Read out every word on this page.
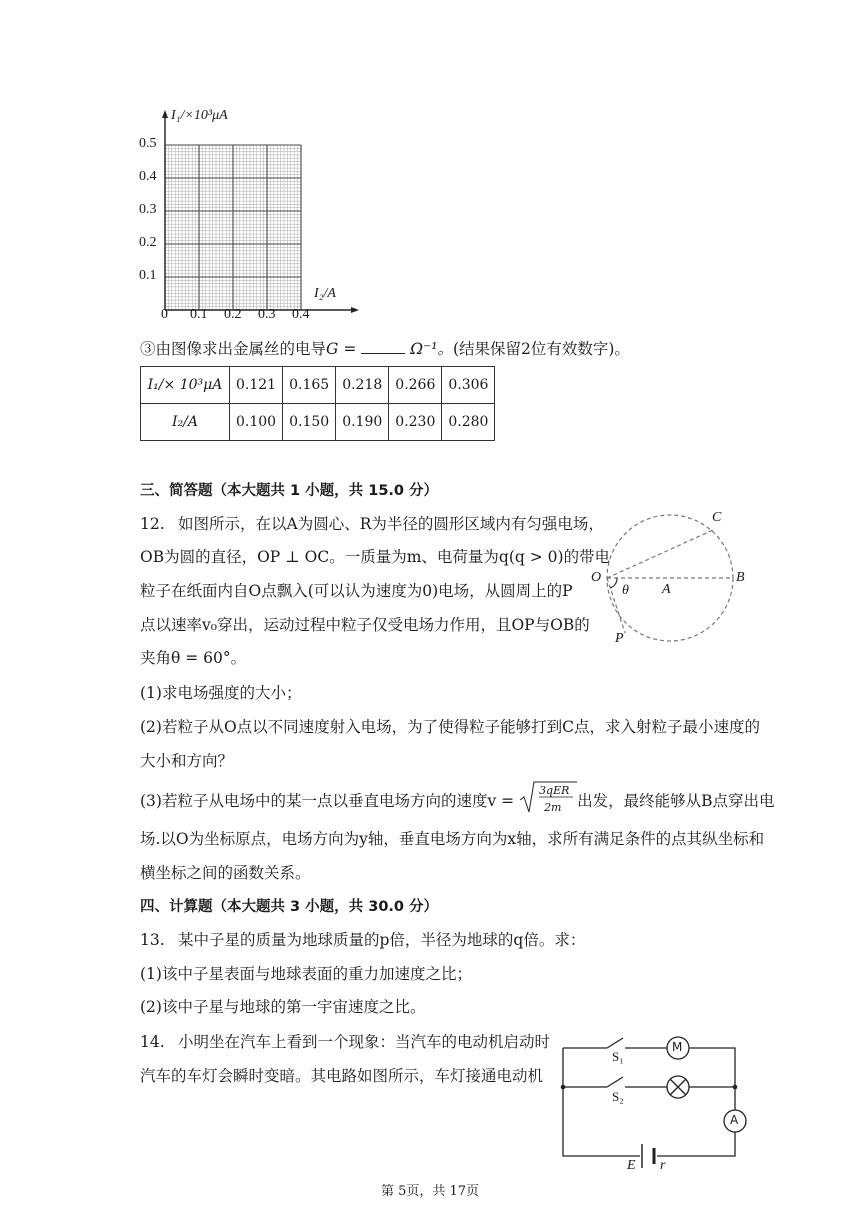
I₁/×10³μA
I₂/A
0.1
0.2
0.3
0.4
0.5
0 0.1 0.2 0.3 0.4
③由图像求出金属丝的电导G =	Ω⁻¹。(结果保留2位有效数字)。
I₁/× 10³μA	0.121	0.165	0.218	0.266	0.306
I₂/A	0.100	0.150	0.190	0.230	0.280
三、简答题（本大题共 1 小题，共 15.0 分）
12. 如图所示，在以A为圆心、R为半径的圆形区域内有匀强电场，
OB为圆的直径，OP ⊥ OC。一质量为m、电荷量为q(q > 0)的带电
粒子在纸面内自O点飘入(可以认为速度为0)电场，从圆周上的P
点以速率v₀穿出，运动过程中粒子仅受电场力作用，且OP与OB的
夹角θ = 60°。
(1)求电场强度的大小；
(2)若粒子从O点以不同速度射入电场，为了使得粒子能够打到C点，求入射粒子最小速度的
大小和方向？
(3)若粒子从电场中的某一点以垂直电场方向的速度v =
3qER
2m 出发，最终能够从B点穿出电
场.以O为坐标原点，电场方向为y轴，垂直电场方向为x轴，求所有满足条件的点其纵坐标和
横坐标之间的函数关系。
C
O	B
A
θ
P
四、计算题（本大题共 3 小题，共 30.0 分）
13. 某中子星的质量为地球质量的p倍，半径为地球的q倍。求：
(1)该中子星表面与地球表面的重力加速度之比；
(2)该中子星与地球的第一宇宙速度之比。
14. 小明坐在汽车上看到一个现象：当汽车的电动机启动时
汽车的车灯会瞬时变暗。其电路如图所示，车灯接通电动机
S₁
S₂
M
A
E r
第 5页，共 17页
